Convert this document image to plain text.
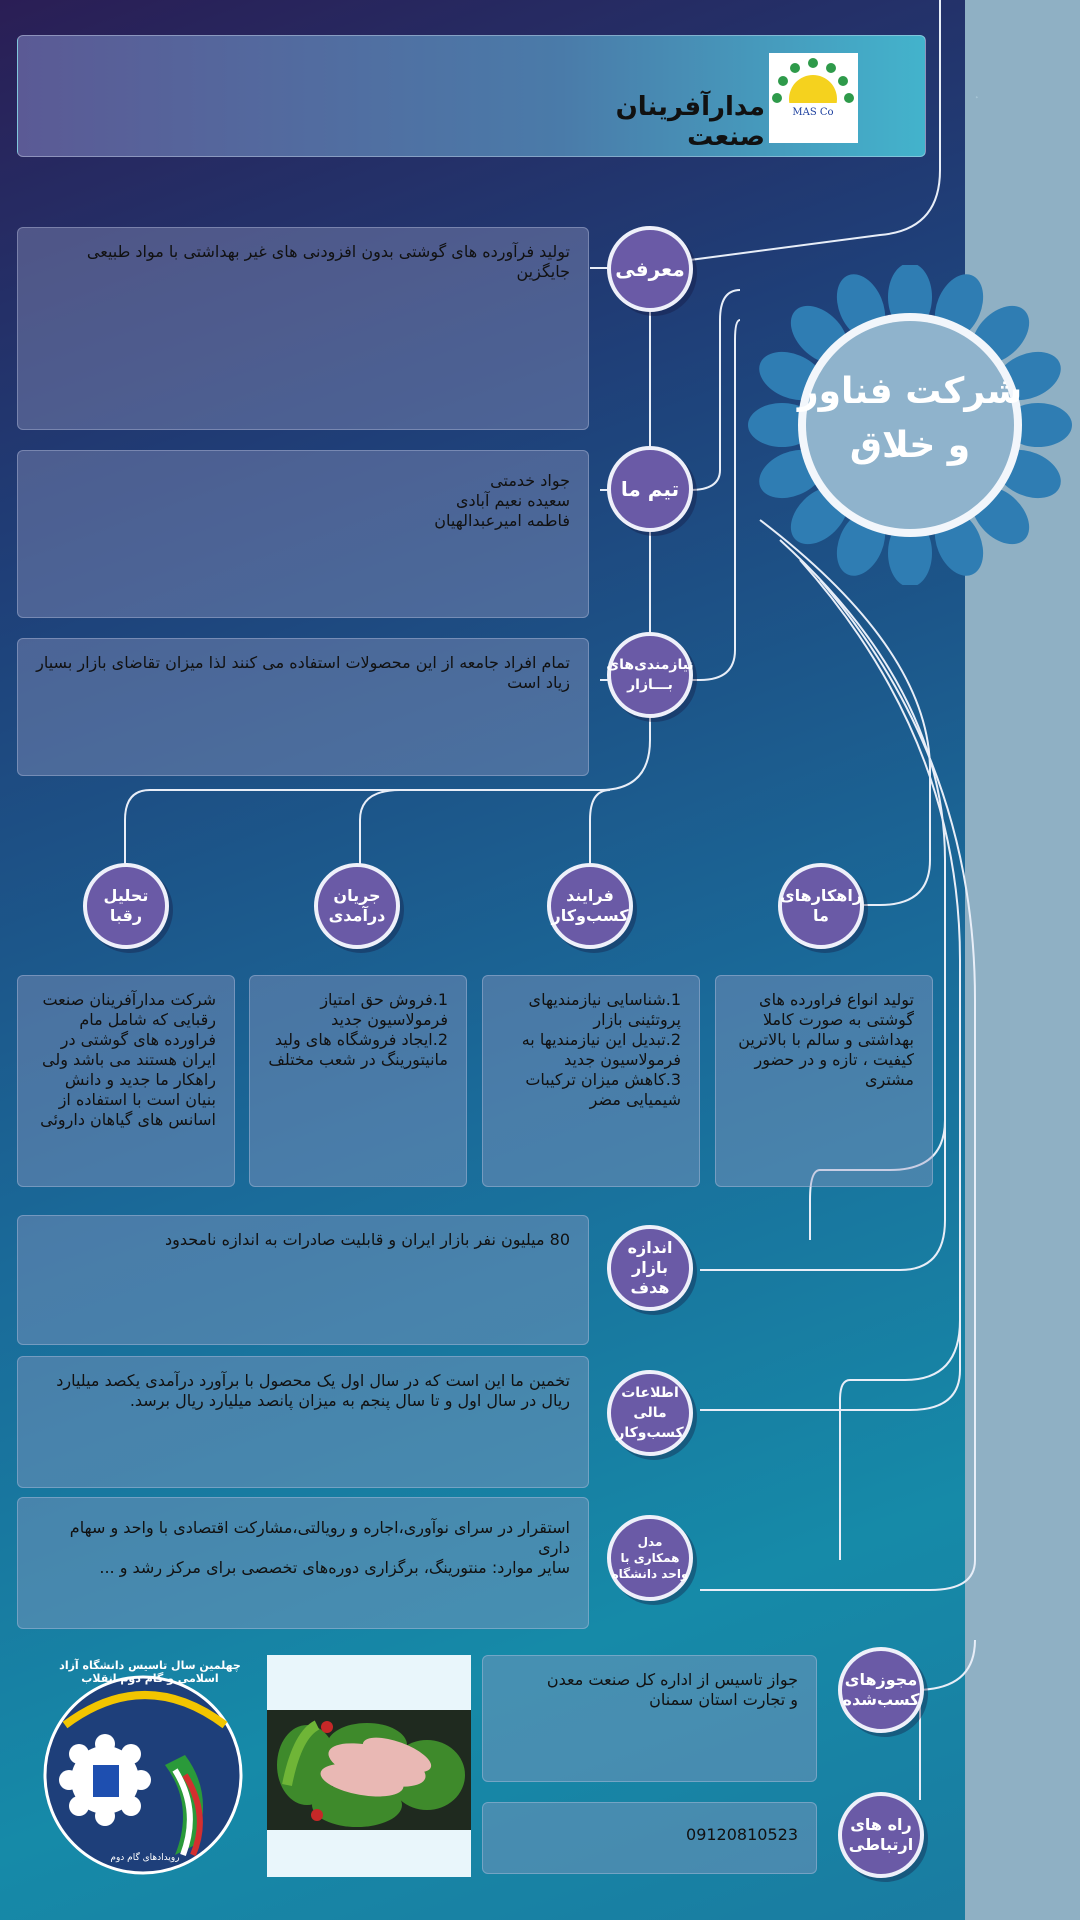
·
مدارآفرینان صنعت
MAS Co
شرکت فناور
و خلاق
تولید فرآورده های گوشتی بدون افزودنی های غیر بهداشتی با مواد طبیعی جایگزین	معرفی
جواد خدمتی
سعیده نعیم آبادی
فاطمه امیرعبدالهیان
تیم ما
تمام افراد جامعه از این محصولات استفاده می کنند لذا میزان تقاضای بازار بسیار زیاد است
نیازمندی‌های
بـــازار
راهکارهای
ما
فرایند
کسب‌وکار
جریان
درآمدی
تحلیل رقبا
تولید انواع فراورده های گوشتی به صورت کاملا بهداشتی و سالم با بالاترین کیفیت ، تازه و در حضور مشتری
1.شناسایی نیازمندیهای پروتئینی بازار
2.تبدیل این نیازمندیها به فرمولاسیون جدید
3.کاهش میزان ترکیبات شیمیایی مضر
1.فروش حق امتیاز فرمولاسیون جدید
2.ایجاد فروشگاه های ولید مانیتورینگ در شعب مختلف
شرکت مدارآفرینان صنعت رقبایی که شامل مام فراورده های گوشتی در ایران هستند می باشد ولی راهکار ما جدید و دانش بنیان است با استفاده از اسانس های گیاهان داروئی
80 میلیون نفر بازار ایران و قابلیت صادرات به اندازه نامحدود	اندازه بازار
هدف
تخمین ما این است که در سال اول یک محصول با برآورد درآمدی یکصد میلیارد ریال در سال اول و تا سال پنجم به میزان پانصد میلیارد ریال برسد.	اطلاعات مالی
کسب‌وکار
استقرار در سرای نوآوری،اجاره و رویالتی،مشارکت اقتصادی با واحد و سهام داری
سایر موارد: منتورینگ، برگزاری دوره‌های تخصصی برای مرکز رشد و ...
مدل
همکاری با
واحد دانشگاه
جواز تاسیس از اداره کل صنعت معدن و تجارت استان سمنان
مجوزهای
کسب‌شده
09120810523
راه های
ارتباطی
چهلمین سال تاسیس دانشگاه آزاد اسلامی و گام دوم انقلاب
رویدادهای گام دوم
